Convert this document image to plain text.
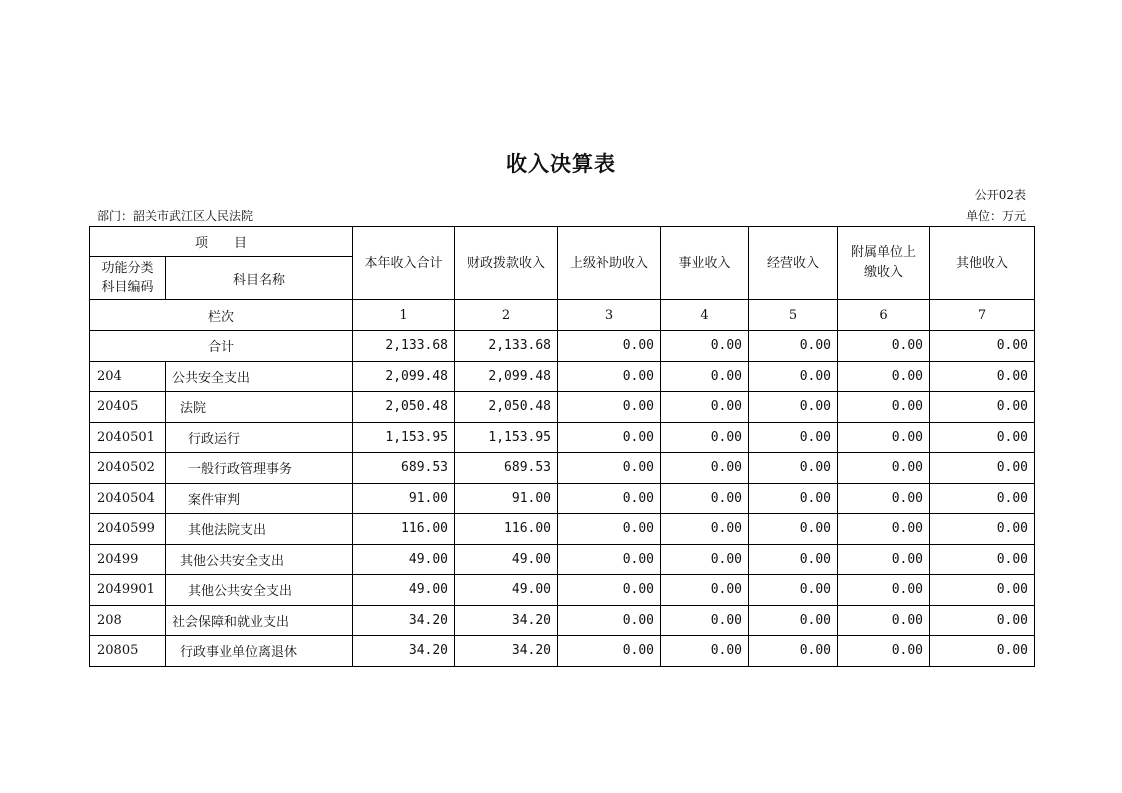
收入决算表
公开02表
部门：韶关市武江区人民法院	单位：万元
项　　目		本年收入合计	财政拨款收入	上级补助收入	事业收入	经营收入	附属单位上缴收入	其他收入
功能分类科目编码	科目名称							
栏次		1	2	3	4	5	6	7
合计		2,133.68	2,133.68	0.00	0.00	0.00	0.00	0.00
204	公共安全支出	2,099.48	2,099.48	0.00	0.00	0.00	0.00	0.00
20405	法院	2,050.48	2,050.48	0.00	0.00	0.00	0.00	0.00
2040501	行政运行	1,153.95	1,153.95	0.00	0.00	0.00	0.00	0.00
2040502	一般行政管理事务	689.53	689.53	0.00	0.00	0.00	0.00	0.00
2040504	案件审判	91.00	91.00	0.00	0.00	0.00	0.00	0.00
2040599	其他法院支出	116.00	116.00	0.00	0.00	0.00	0.00	0.00
20499	其他公共安全支出	49.00	49.00	0.00	0.00	0.00	0.00	0.00
2049901	其他公共安全支出	49.00	49.00	0.00	0.00	0.00	0.00	0.00
208	社会保障和就业支出	34.20	34.20	0.00	0.00	0.00	0.00	0.00
20805	行政事业单位离退休	34.20	34.20	0.00	0.00	0.00	0.00	0.00
